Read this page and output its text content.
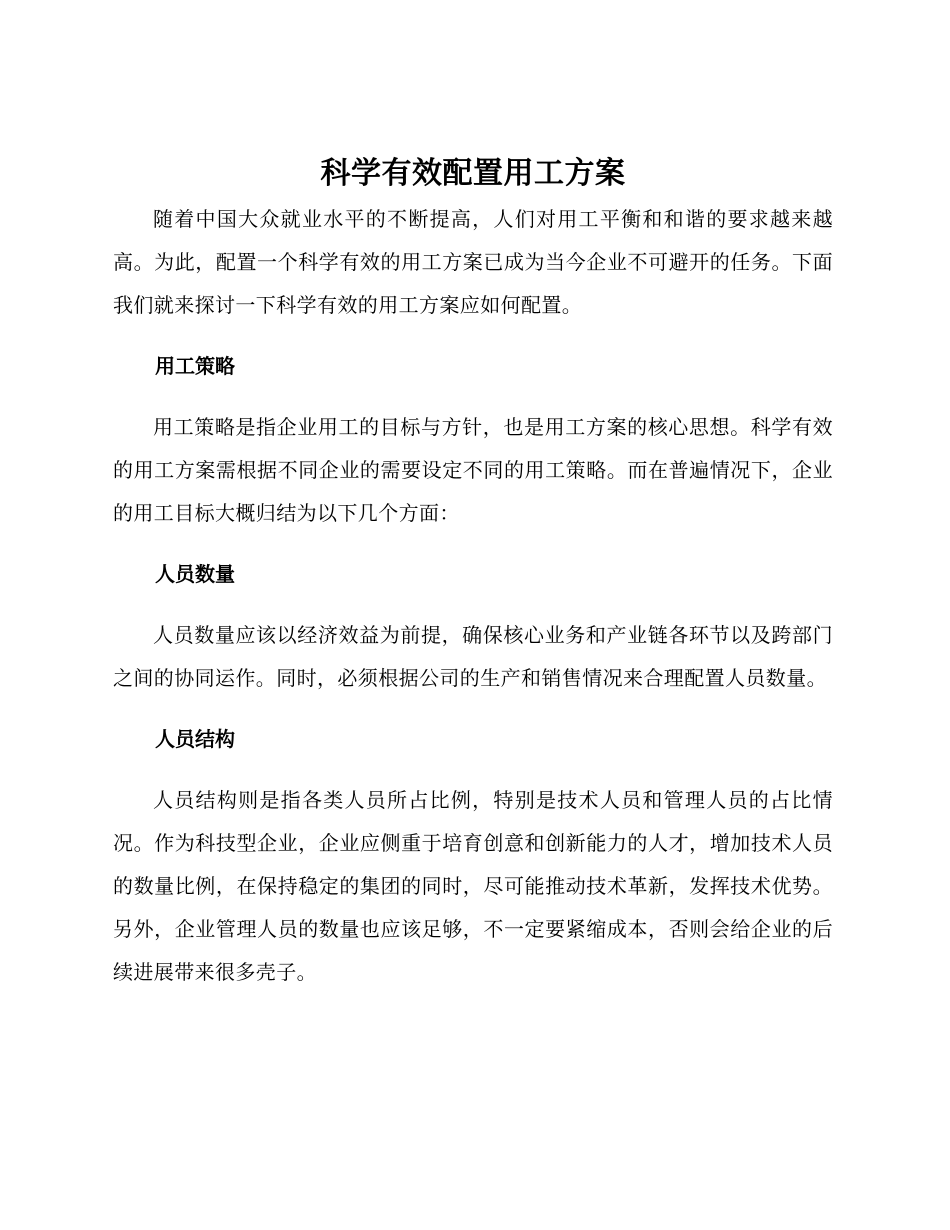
科学有效配置用工方案

随着中国大众就业水平的不断提高，人们对用工平衡和和谐的要求越来越高。为此，配置一个科学有效的用工方案已成为当今企业不可避开的任务。下面我们就来探讨一下科学有效的用工方案应如何配置。

用工策略

用工策略是指企业用工的目标与方针，也是用工方案的核心思想。科学有效的用工方案需根据不同企业的需要设定不同的用工策略。而在普遍情况下，企业的用工目标大概归结为以下几个方面：

人员数量

人员数量应该以经济效益为前提，确保核心业务和产业链各环节以及跨部门之间的协同运作。同时，必须根据公司的生产和销售情况来合理配置人员数量。

人员结构

人员结构则是指各类人员所占比例，特别是技术人员和管理人员的占比情况。作为科技型企业，企业应侧重于培育创意和创新能力的人才，增加技术人员的数量比例，在保持稳定的集团的同时，尽可能推动技术革新，发挥技术优势。另外，企业管理人员的数量也应该足够，不一定要紧缩成本，否则会给企业的后续进展带来很多壳子。
